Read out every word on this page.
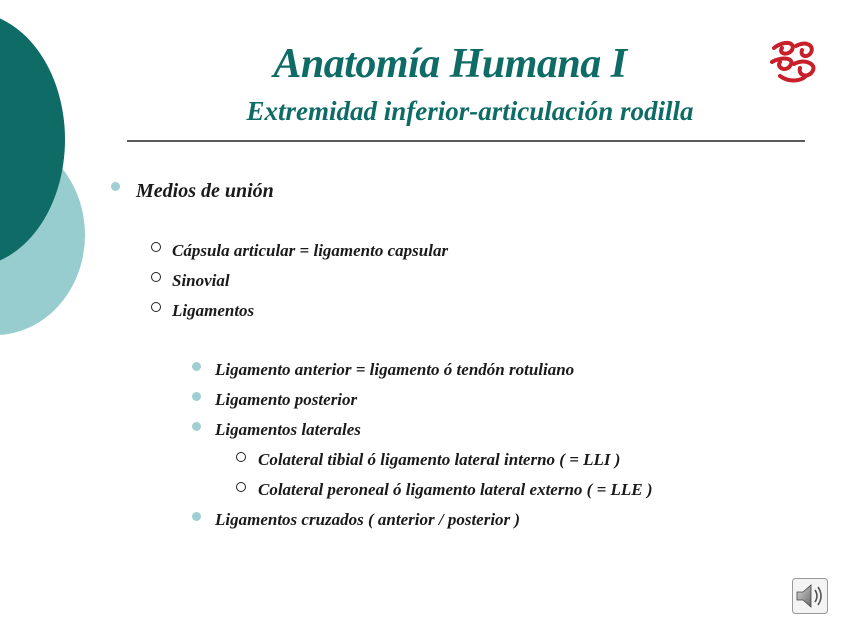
Anatomía Humana I
Extremidad inferior-articulación rodilla
Medios de unión
Cápsula articular = ligamento capsular
Sinovial
Ligamentos
Ligamento anterior = ligamento ó tendón rotuliano
Ligamento posterior
Ligamentos laterales
Colateral tibial ó ligamento lateral interno ( = LLI )
Colateral peroneal ó ligamento lateral externo ( = LLE )
Ligamentos cruzados ( anterior / posterior )
